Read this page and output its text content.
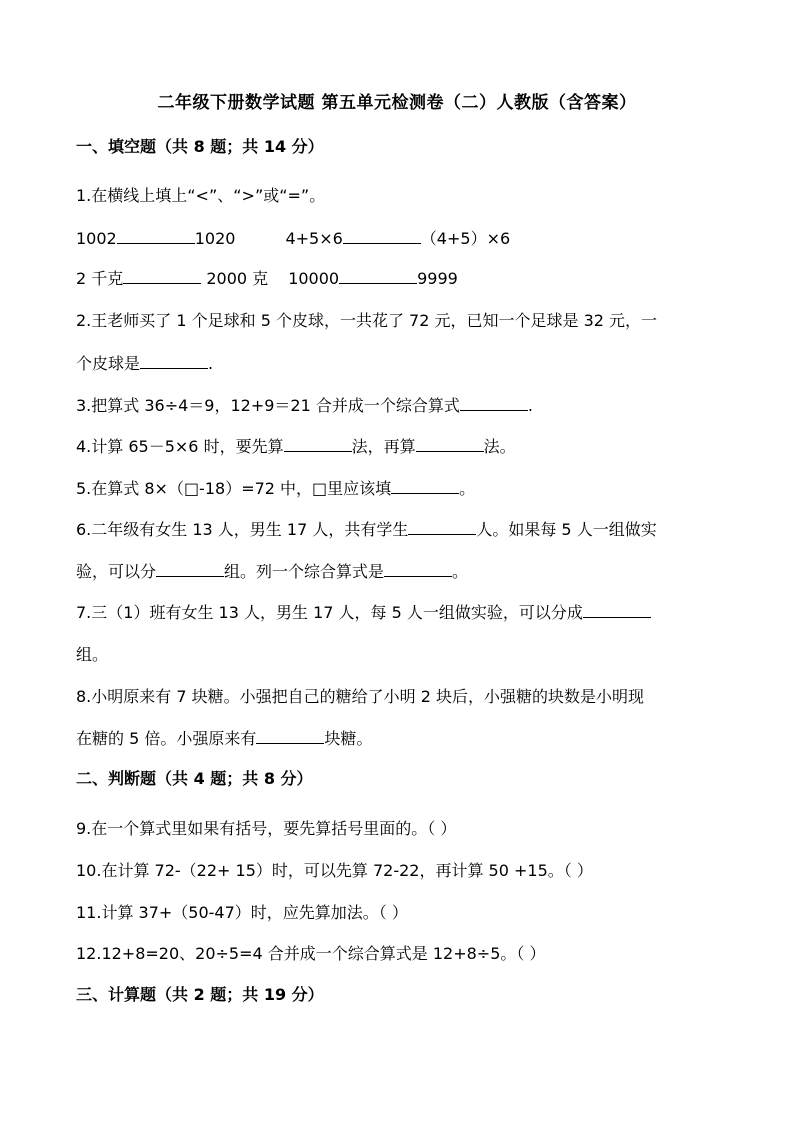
二年级下册数学试题 第五单元检测卷（二）人教版（含答案）
一、填空题（共 8 题；共 14 分）
1.在横线上填上“<”、“>”或“=”。
1002	1020	4+5×6	（4+5）×6
2 千克	2000 克 10000	9999
2.王老师买了 1 个足球和 5 个皮球，一共花了 72 元，已知一个足球是 32 元，一
个皮球是	.
3.把算式 36÷4＝9，12+9＝21 合并成一个综合算式	.
4.计算 65－5×6 时，要先算	法，再算	法。
5.在算式 8×（□-18）=72 中，□里应该填	。
6.二年级有女生 13 人，男生 17 人，共有学生	人。如果每 5 人一组做实
验，可以分	组。列一个综合算式是	。
7.三（1）班有女生 13 人，男生 17 人，每 5 人一组做实验，可以分成
组。
8.小明原来有 7 块糖。小强把自己的糖给了小明 2 块后，小强糖的块数是小明现
在糖的 5 倍。小强原来有	块糖。
二、判断题（共 4 题；共 8 分）
9.在一个算式里如果有括号，要先算括号里面的。（ ）
10.在计算 72-（22+ 15）时，可以先算 72-22，再计算 50 +15。（ ）
11.计算 37+（50-47）时，应先算加法。（ ）
12.12+8=20、20÷5=4 合并成一个综合算式是 12+8÷5。（ ）
三、计算题（共 2 题；共 19 分）
